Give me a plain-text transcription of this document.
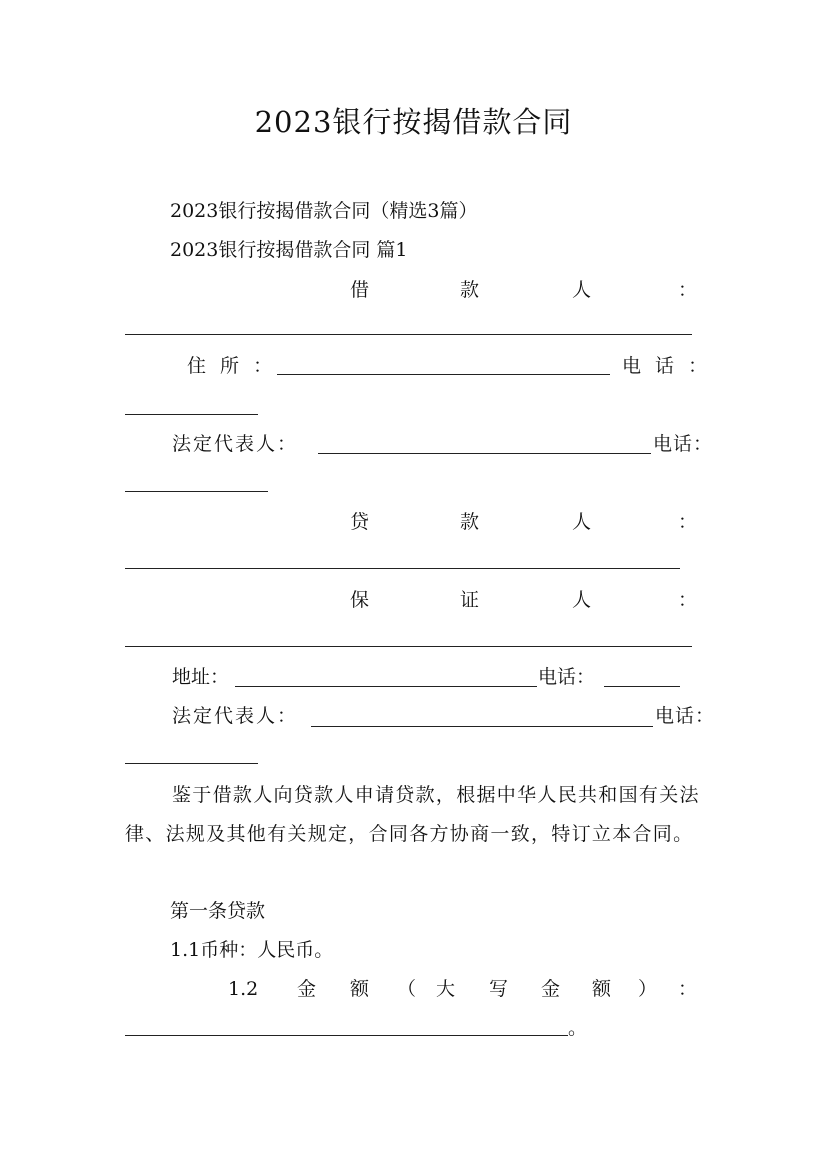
2023银行按揭借款合同
2023银行按揭借款合同（精选3篇）
2023银行按揭借款合同 篇1
借	款	人	：
住 所 ：	电 话 ：
法定代表人：	电话：
贷	款	人	：
保	证	人	：
地址：	电话：
法定代表人：	电话：
鉴于借款人向贷款人申请贷款，根据中华人民共和国有关法律、法规及其他有关规定，合同各方协商一致，特订立本合同。
第一条贷款
1.1币种：人民币。
1.2 金 额 （ 大 写 金 额 ） ：
。
